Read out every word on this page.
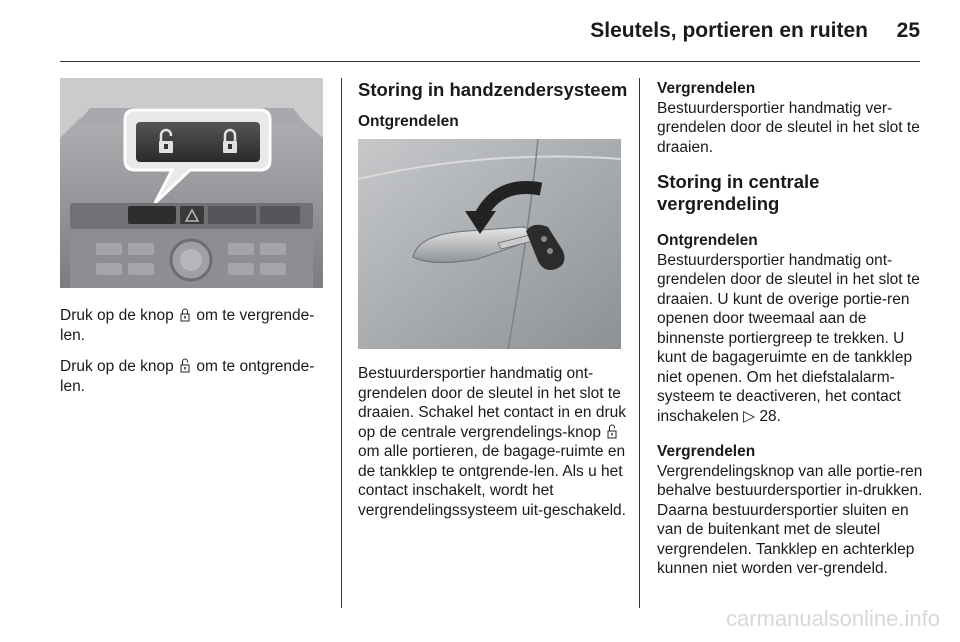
Sleutels, portieren en ruiten 25

Druk op de knop om te vergrende-len.

Druk op de knop om te ontgrende-len.

Storing in handzendersysteem
Ontgrendelen

Bestuurdersportier handmatig ont-grendelen door de sleutel in het slot te draaien. Schakel het contact in en druk op de centrale vergrendelings-knop  om alle portieren, de bagage-ruimte en de tankklep te ontgrende-len. Als u het contact inschakelt, wordt het vergrendelingssysteem uit-geschakeld.

Vergrendelen

Bestuurdersportier handmatig ver-grendelen door de sleutel in het slot te draaien.

Storing in centrale vergrendeling
Ontgrendelen

Bestuurdersportier handmatig ont-grendelen door de sleutel in het slot te draaien. U kunt de overige portie-ren openen door tweemaal aan de binnenste portiergreep te trekken. U kunt de bagageruimte en de tankklep niet openen. Om het diefstalalarm-systeem te deactiveren, het contact inschakelen ▷ 28.

Vergrendelen

Vergrendelingsknop van alle portie-ren behalve bestuurdersportier in-drukken. Daarna bestuurdersportier sluiten en van de buitenkant met de sleutel vergrendelen. Tankklep en achterklep kunnen niet worden ver-grendeld.

carmanualsonline.info
